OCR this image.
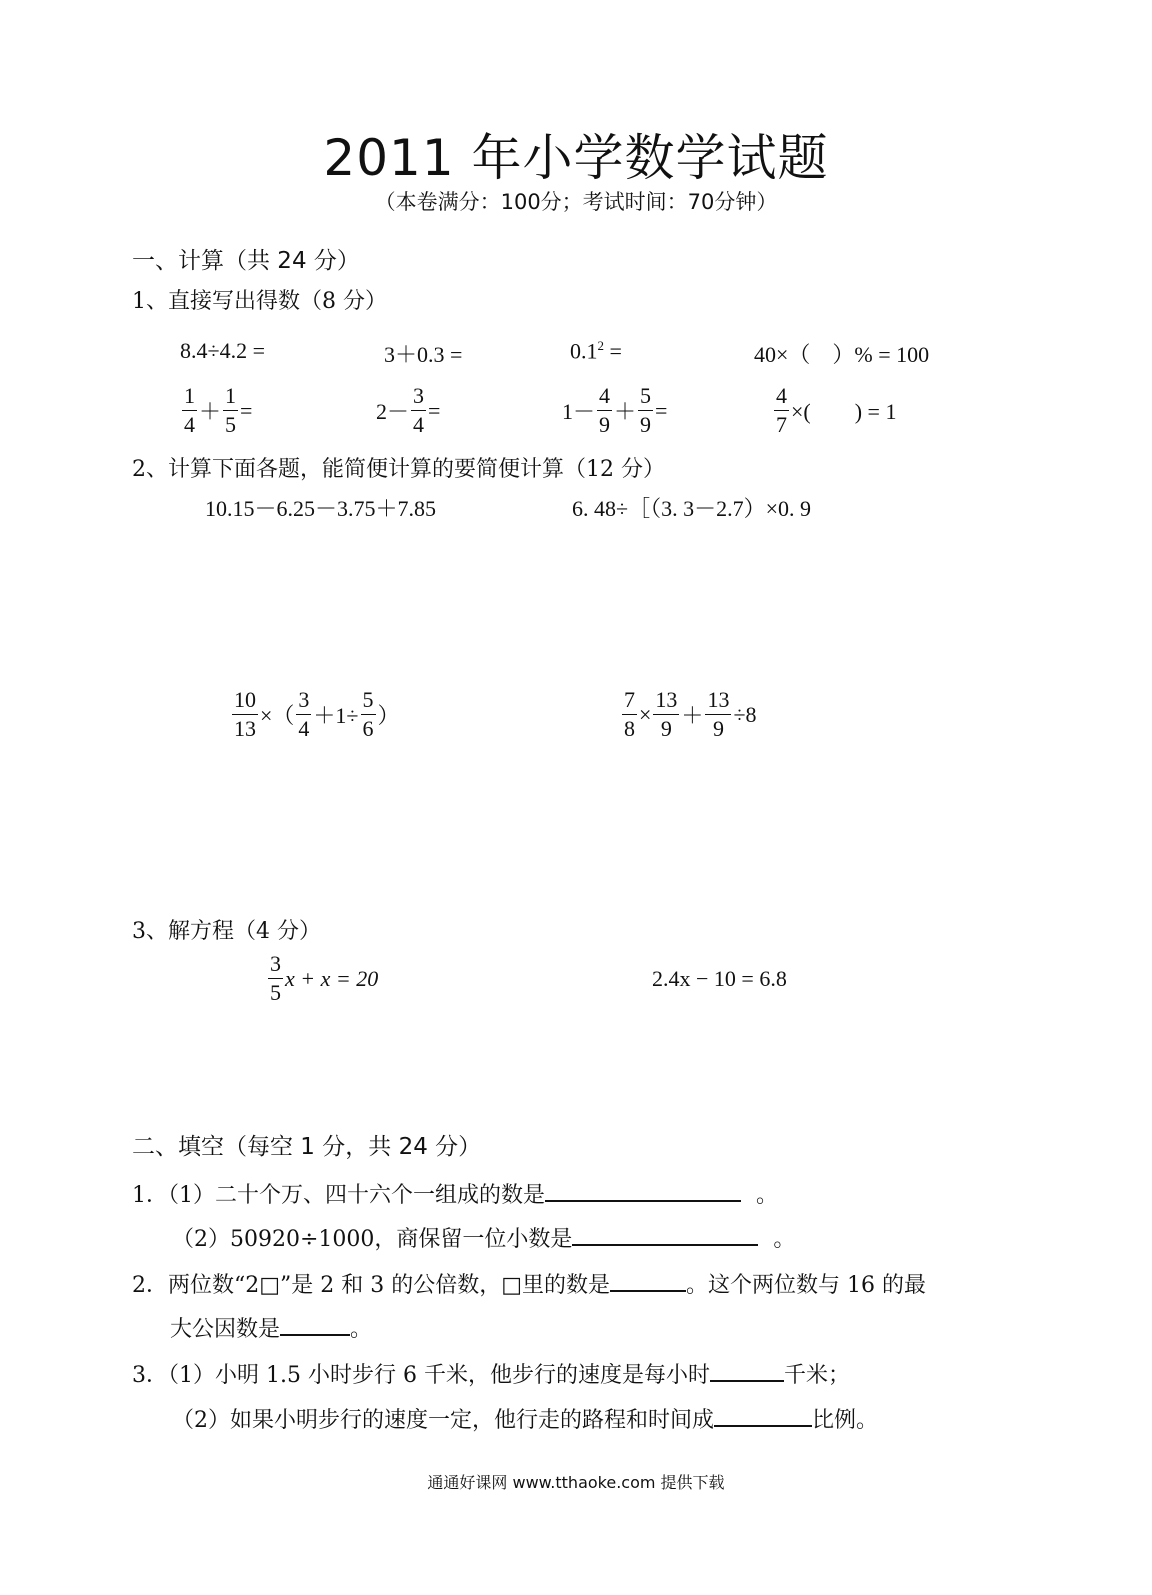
2011 年小学数学试题
（本卷满分：100分；考试时间：70分钟）
一、计算（共 24 分）
1、直接写出得数（8 分）
8.4÷4.2 =	3＋0.3 =	$0.1^2$ =	40×（　）% = 100
$\frac{1}{4} + \frac{1}{5}$ =	$2- \frac{3}{4}$ =	$1- \frac{4}{9} + \frac{5}{9}$ =	$\frac{4}{7}$ ×(　　) = 1
2、计算下面各题，能简便计算的要简便计算（12 分）
10.15－6.25－3.75＋7.85	6. 48÷［（3. 3－2.7）×0. 9
$\frac{10}{13}$ ×（ $\frac{3}{4} +1\div \frac{5}{6}$ ）	$\frac{7}{8} \times \frac{13}{9} + \frac{13}{9} \div 8$
3、解方程（4 分）
$\frac{3}{5}$ x + x = 20	2.4x − 10 = 6.8
二、填空（每空 1 分，共 24 分）
1．（1）二十个万、四十六个一组成的数是	。
（2）50920÷1000，商保留一位小数是	。
2．两位数“2□”是 2 和 3 的公倍数，□里的数是	。这个两位数与 16 的最
大公因数是	。
3．（1）小明 1.5 小时步行 6 千米，他步行的速度是每小时	千米；
（2）如果小明步行的速度一定，他行走的路程和时间成	比例。
通通好课网 www.tthaoke.com 提供下载
